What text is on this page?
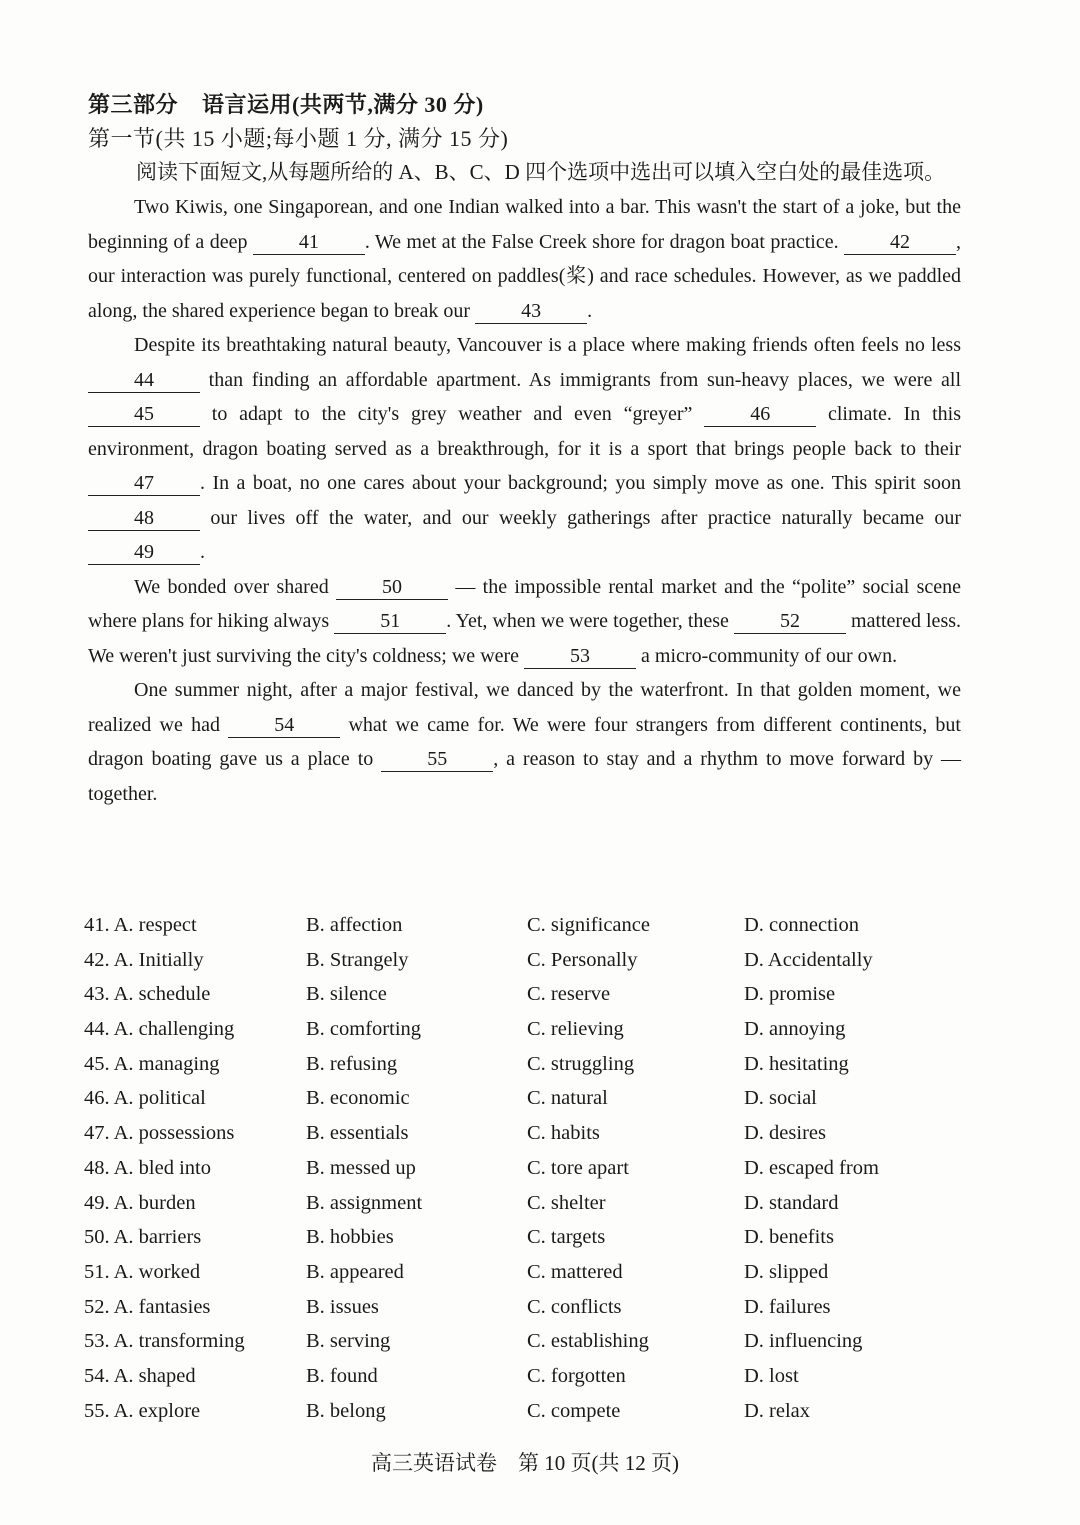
第三部分 语言运用(共两节,满分 30 分)
第一节(共 15 小题;每小题 1 分, 满分 15 分)
阅读下面短文,从每题所给的 A、B、C、D 四个选项中选出可以填入空白处的最佳选项。

Two Kiwis, one Singaporean, and one Indian walked into a bar. This wasn't the start of a joke, but the beginning of a deep 41 . We met at the False Creek shore for dragon boat practice. 42 , our interaction was purely functional, centered on paddles(桨) and race schedules. However, as we paddled along, the shared experience began to break our 43 .

Despite its breathtaking natural beauty, Vancouver is a place where making friends often feels no less 44 than finding an affordable apartment. As immigrants from sun-heavy places, we were all 45 to adapt to the city's grey weather and even “greyer” 46 climate. In this environment, dragon boating served as a breakthrough, for it is a sport that brings people back to their 47 . In a boat, no one cares about your background; you simply move as one. This spirit soon 48 our lives off the water, and our weekly gatherings after practice naturally became our 49 .

We bonded over shared 50 — the impossible rental market and the “polite” social scene where plans for hiking always 51 . Yet, when we were together, these 52 mattered less. We weren't just surviving the city's coldness; we were 53 a micro-community of our own.

One summer night, after a major festival, we danced by the waterfront. In that golden moment, we realized we had 54 what we came for. We were four strangers from different continents, but dragon boating gave us a place to 55 , a reason to stay and a rhythm to move forward by — together.

41. A. respect	B. affection	C. significance	D. connection
42. A. Initially	B. Strangely	C. Personally	D. Accidentally
43. A. schedule	B. silence	C. reserve	D. promise
44. A. challenging	B. comforting	C. relieving	D. annoying
45. A. managing	B. refusing	C. struggling	D. hesitating
46. A. political	B. economic	C. natural	D. social
47. A. possessions	B. essentials	C. habits	D. desires
48. A. bled into	B. messed up	C. tore apart	D. escaped from
49. A. burden	B. assignment	C. shelter	D. standard
50. A. barriers	B. hobbies	C. targets	D. benefits
51. A. worked	B. appeared	C. mattered	D. slipped
52. A. fantasies	B. issues	C. conflicts	D. failures
53. A. transforming	B. serving	C. establishing	D. influencing
54. A. shaped	B. found	C. forgotten	D. lost
55. A. explore	B. belong	C. compete	D. relax
高三英语试卷　第 10 页(共 12 页)
